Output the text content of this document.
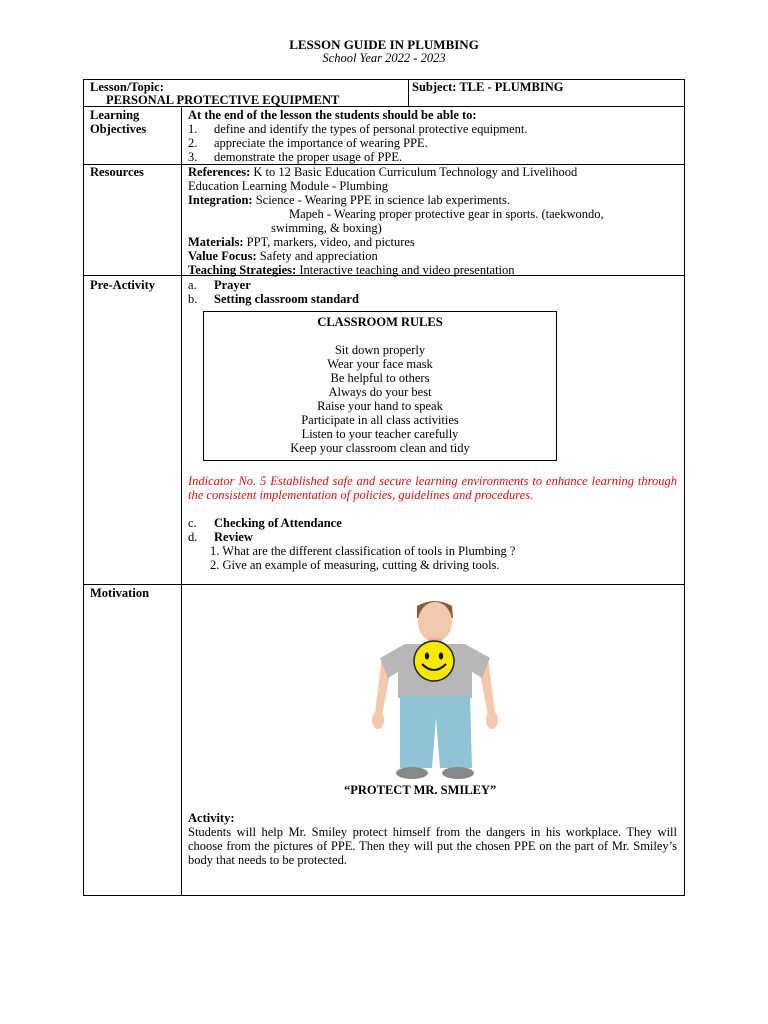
LESSON GUIDE IN PLUMBING
School Year 2022 - 2023
Lesson/Topic:
PERSONAL PROTECTIVE EQUIPMENT
Subject: TLE - PLUMBING
Learning
Objectives
At the end of the lesson the students should be able to:
1. define and identify the types of personal protective equipment.
2. appreciate the importance of wearing PPE.
3. demonstrate the proper usage of PPE.
Resources	References: K to 12 Basic Education Curriculum Technology and Livelihood
Education Learning Module - Plumbing
Integration: Science - Wearing PPE in science lab experiments.
Mapeh - Wearing proper protective gear in sports. (taekwondo,
swimming, & boxing)
Materials: PPT, markers, video, and pictures
Value Focus: Safety and appreciation
Teaching Strategies: Interactive teaching and video presentation
Pre-Activity	a. Prayer
b. Setting classroom standard
CLASSROOM RULES
Sit down properly
Wear your face mask
Be helpful to others
Always do your best
Raise your hand to speak
Participate in all class activities
Listen to your teacher carefully
Keep your classroom clean and tidy
Indicator No. 5 Established safe and secure learning environments to enhance learning through the consistent implementation of policies, guidelines and procedures.
c. Checking of Attendance
d. Review
1. What are the different classification of tools in Plumbing ?
2. Give an example of measuring, cutting & driving tools.
Motivation
“PROTECT MR. SMILEY”
Activity:
Students will help Mr. Smiley protect himself from the dangers in his workplace. They will choose from the pictures of PPE. Then they will put the chosen PPE on the part of Mr. Smiley’s body that needs to be protected.
